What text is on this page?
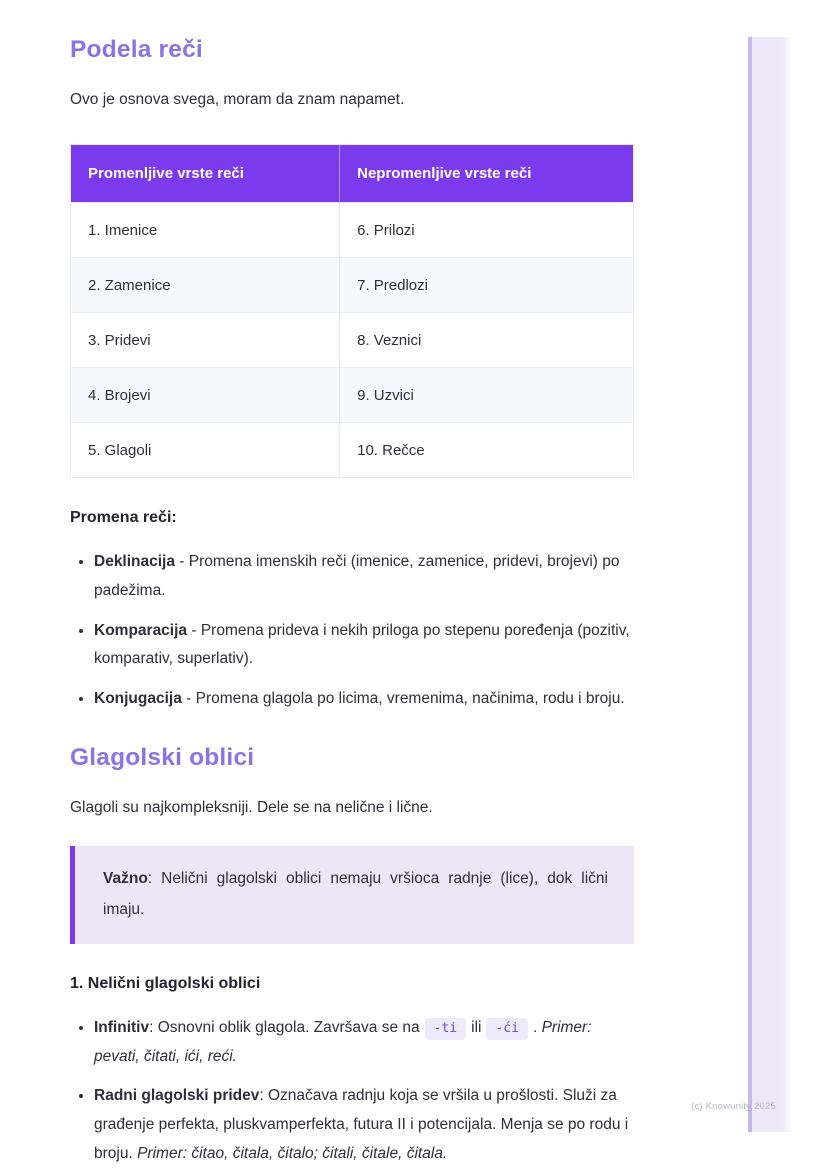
Podela reči

Ovo je osnova svega, moram da znam napamet.

Promenljive vrste reči	Nepromenljive vrste reči
1. Imenice	6. Prilozi
2. Zamenice	7. Predlozi
3. Pridevi	8. Veznici
4. Brojevi	9. Uzvici
5. Glagoli	10. Rečce
Promena reči:
• Deklinacija - Promena imenskih reči (imenice, zamenice, pridevi, brojevi) po padežima.
• Komparacija - Promena prideva i nekih priloga po stepenu poređenja (pozitiv, komparativ, superlativ).
• Konjugacija - Promena glagola po licima, vremenima, načinima, rodu i broju.
Glagolski oblici

Glagoli su najkompleksniji. Dele se na nelične i lične.

Važno: Nelični glagolski oblici nemaju vršioca radnje (lice), dok lični imaju.

1. Nelični glagolski oblici
• Infinitiv: Osnovni oblik glagola. Završava se na -ti ili -ći . Primer: pevati, čitati, ići, reći.
• Radni glagolski pridev: Označava radnju koja se vršila u prošlosti. Služi za građenje perfekta, pluskvamperfekta, futura II i potencijala. Menja se po rodu i broju. Primer: čitao, čitala, čitalo; čitali, čitale, čitala.
(c) Knowunity 2025
